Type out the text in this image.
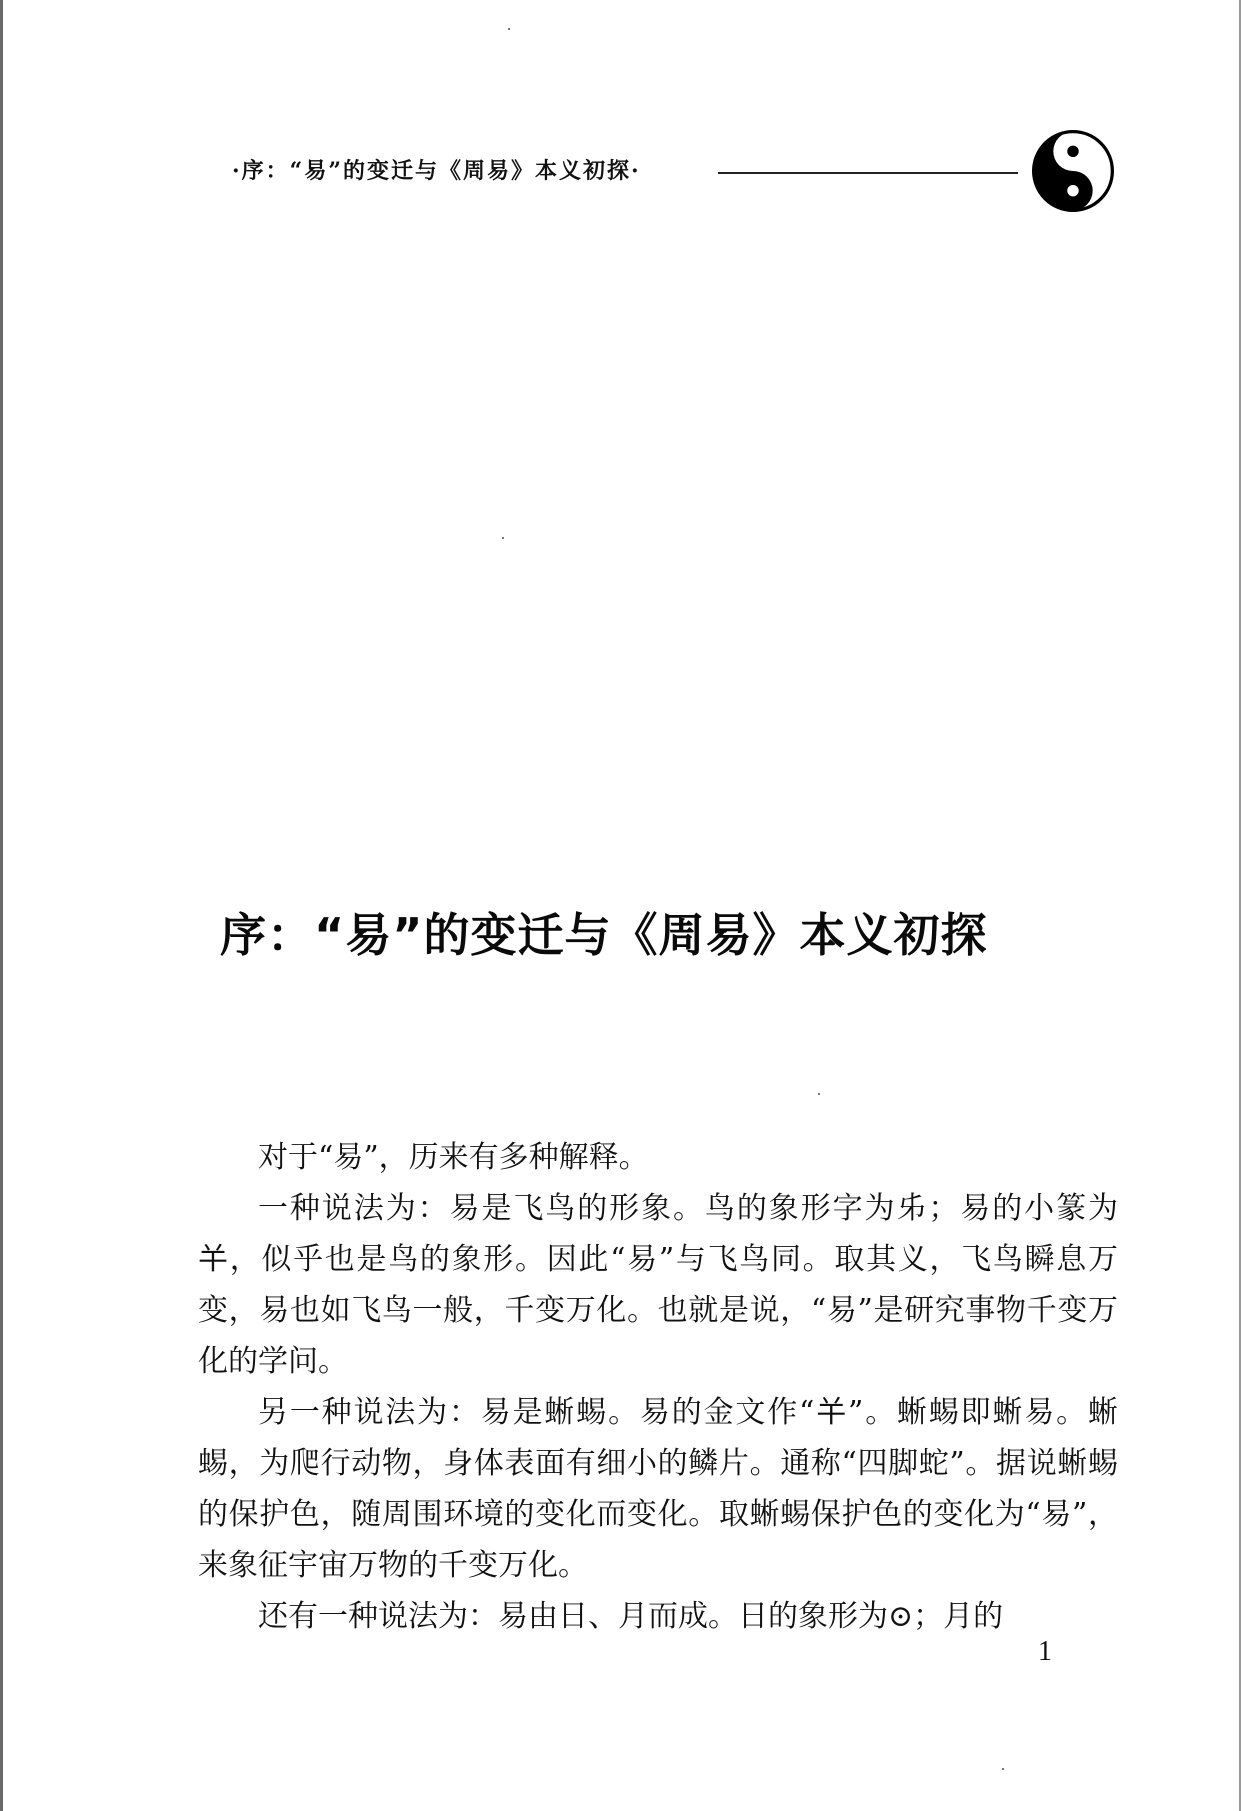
·序：“易”的变迁与《周易》本义初探·
序：“易”的变迁与《周易》本义初探

对于“易”，历来有多种解释。

一种说法为：易是飞鸟的形象。鸟的象形字为𠂔；易的小篆为𢆉，似乎也是鸟的象形。因此“易”与飞鸟同。取其义，飞鸟瞬息万变，易也如飞鸟一般，千变万化。也就是说，“易”是研究事物千变万化的学问。

另一种说法为：易是蜥蜴。易的金文作“𢆉”。蜥蜴即蜥易。蜥蜴，为爬行动物，身体表面有细小的鳞片。通称“四脚蛇”。据说蜥蜴的保护色，随周围环境的变化而变化。取蜥蜴保护色的变化为“易”，来象征宇宙万物的千变万化。

还有一种说法为：易由日、月而成。日的象形为⊙；月的

1
